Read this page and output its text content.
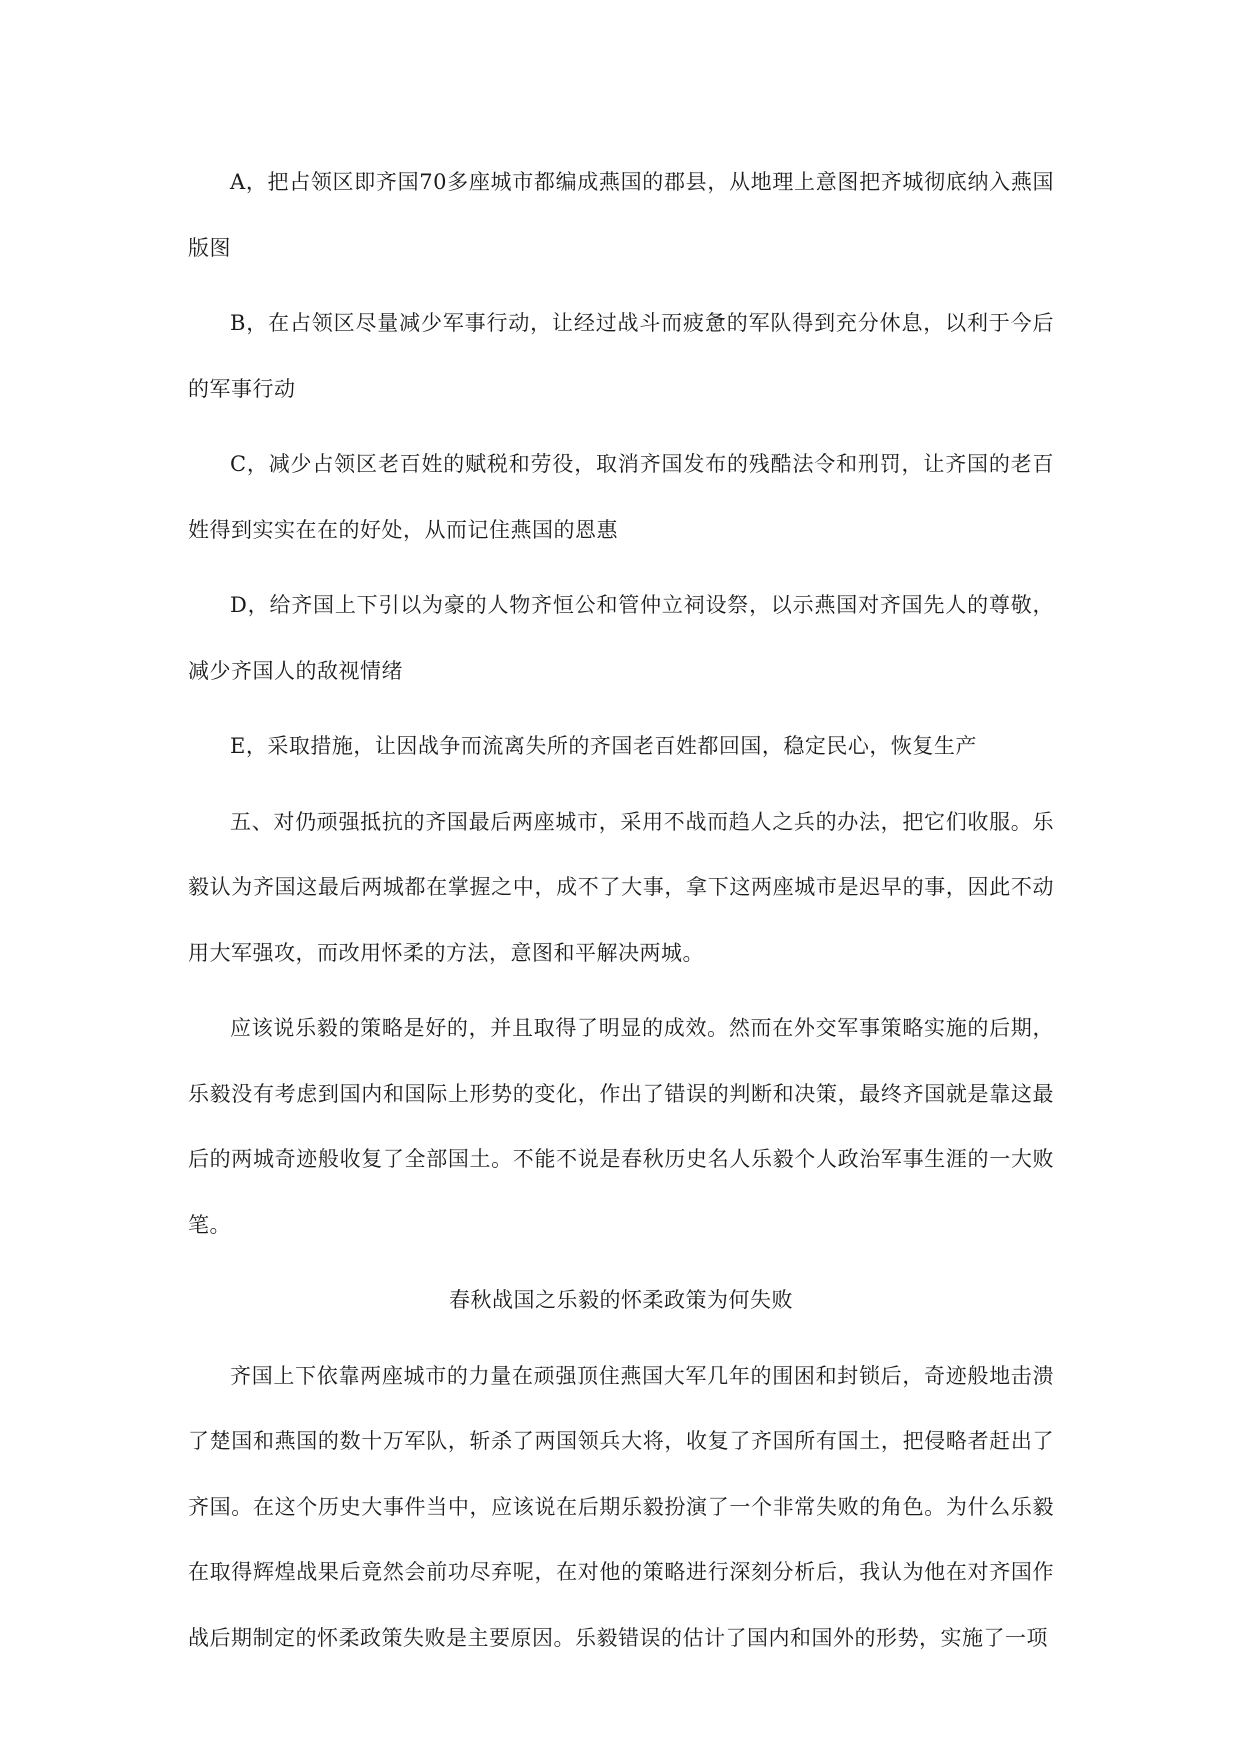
A，把占领区即齐国70多座城市都编成燕国的郡县，从地理上意图把齐城彻底纳入燕国版图

B，在占领区尽量减少军事行动，让经过战斗而疲惫的军队得到充分休息，以利于今后的军事行动

C，减少占领区老百姓的赋税和劳役，取消齐国发布的残酷法令和刑罚，让齐国的老百姓得到实实在在的好处，从而记住燕国的恩惠

D，给齐国上下引以为豪的人物齐恒公和管仲立祠设祭，以示燕国对齐国先人的尊敬，减少齐国人的敌视情绪

E，采取措施，让因战争而流离失所的齐国老百姓都回国，稳定民心，恢复生产

五、对仍顽强抵抗的齐国最后两座城市，采用不战而趋人之兵的办法，把它们收服。乐毅认为齐国这最后两城都在掌握之中，成不了大事，拿下这两座城市是迟早的事，因此不动用大军强攻，而改用怀柔的方法，意图和平解决两城。

应该说乐毅的策略是好的，并且取得了明显的成效。然而在外交军事策略实施的后期，乐毅没有考虑到国内和国际上形势的变化，作出了错误的判断和决策，最终齐国就是靠这最后的两城奇迹般收复了全部国土。不能不说是春秋历史名人乐毅个人政治军事生涯的一大败笔。

春秋战国之乐毅的怀柔政策为何失败

齐国上下依靠两座城市的力量在顽强顶住燕国大军几年的围困和封锁后，奇迹般地击溃了楚国和燕国的数十万军队，斩杀了两国领兵大将，收复了齐国所有国土，把侵略者赶出了齐国。在这个历史大事件当中，应该说在后期乐毅扮演了一个非常失败的角色。为什么乐毅在取得辉煌战果后竟然会前功尽弃呢，在对他的策略进行深刻分析后，我认为他在对齐国作战后期制定的怀柔政策失败是主要原因。乐毅错误的估计了国内和国外的形势，实施了一项
